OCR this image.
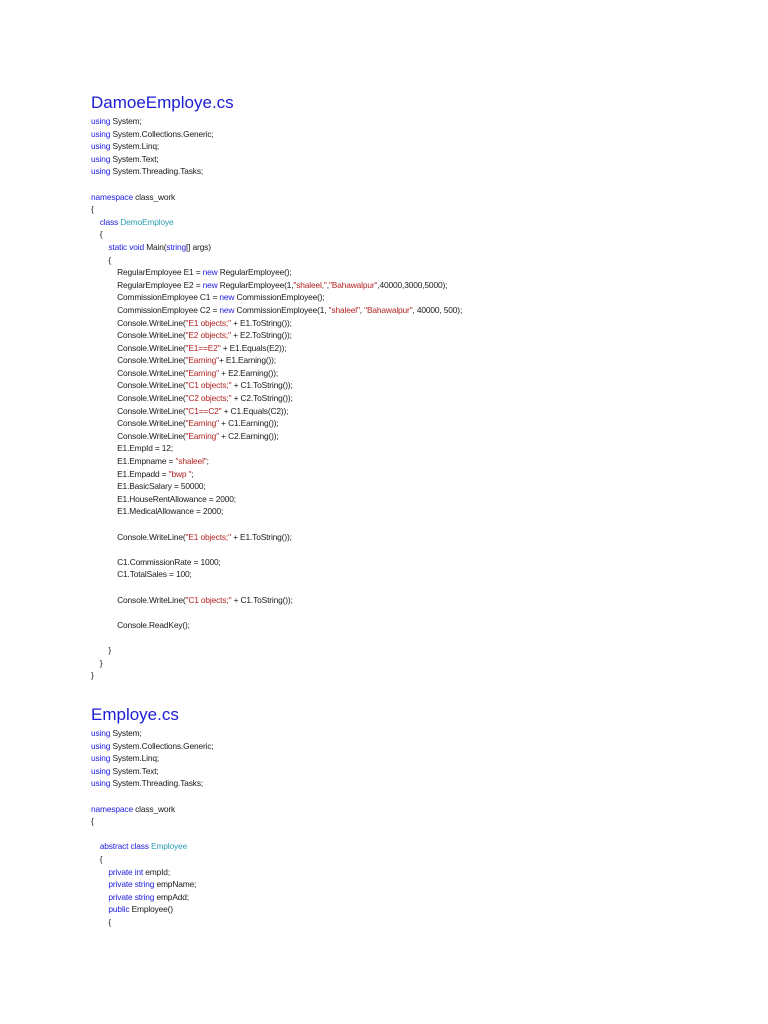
DamoeEmploye.cs
using System;
using System.Collections.Generic;
using System.Linq;
using System.Text;
using System.Threading.Tasks;

namespace class_work
{
class DemoEmploye
{
static void Main(string[] args)
{
RegularEmployee E1 = new RegularEmployee();
RegularEmployee E2 = new RegularEmployee(1,"shaleel,","Bahawalpur",40000,3000,5000);
CommissionEmployee C1 = new CommissionEmployee();
CommissionEmployee C2 = new CommissionEmployee(1, "shaleel", "Bahawalpur", 40000, 500);
Console.WriteLine("E1 objects;" + E1.ToString());
Console.WriteLine("E2 objects;" + E2.ToString());
Console.WriteLine("E1==E2" + E1.Equals(E2));
Console.WriteLine("Earning"+ E1.Earning());
Console.WriteLine("Earning" + E2.Earning());
Console.WriteLine("C1 objects;" + C1.ToString());
Console.WriteLine("C2 objects;" + C2.ToString());
Console.WriteLine("C1==C2" + C1.Equals(C2));
Console.WriteLine("Earning" + C1.Earning());
Console.WriteLine("Earning" + C2.Earning());
E1.EmpId = 12;
E1.Empname = "shaleel";
E1.Empadd = "bwp ";
E1.BasicSalary = 50000;
E1.HouseRentAllowance = 2000;
E1.MedicalAllowance = 2000;

Console.WriteLine("E1 objects;" + E1.ToString());

C1.CommissionRate = 1000;
C1.TotalSales = 100;

Console.WriteLine("C1 objects;" + C1.ToString());

Console.ReadKey();

}
}
}
Employe.cs
using System;
using System.Collections.Generic;
using System.Linq;
using System.Text;
using System.Threading.Tasks;

namespace class_work
{

abstract class Employee
{
private int empId;
private string empName;
private string empAdd;
public Employee()
{
